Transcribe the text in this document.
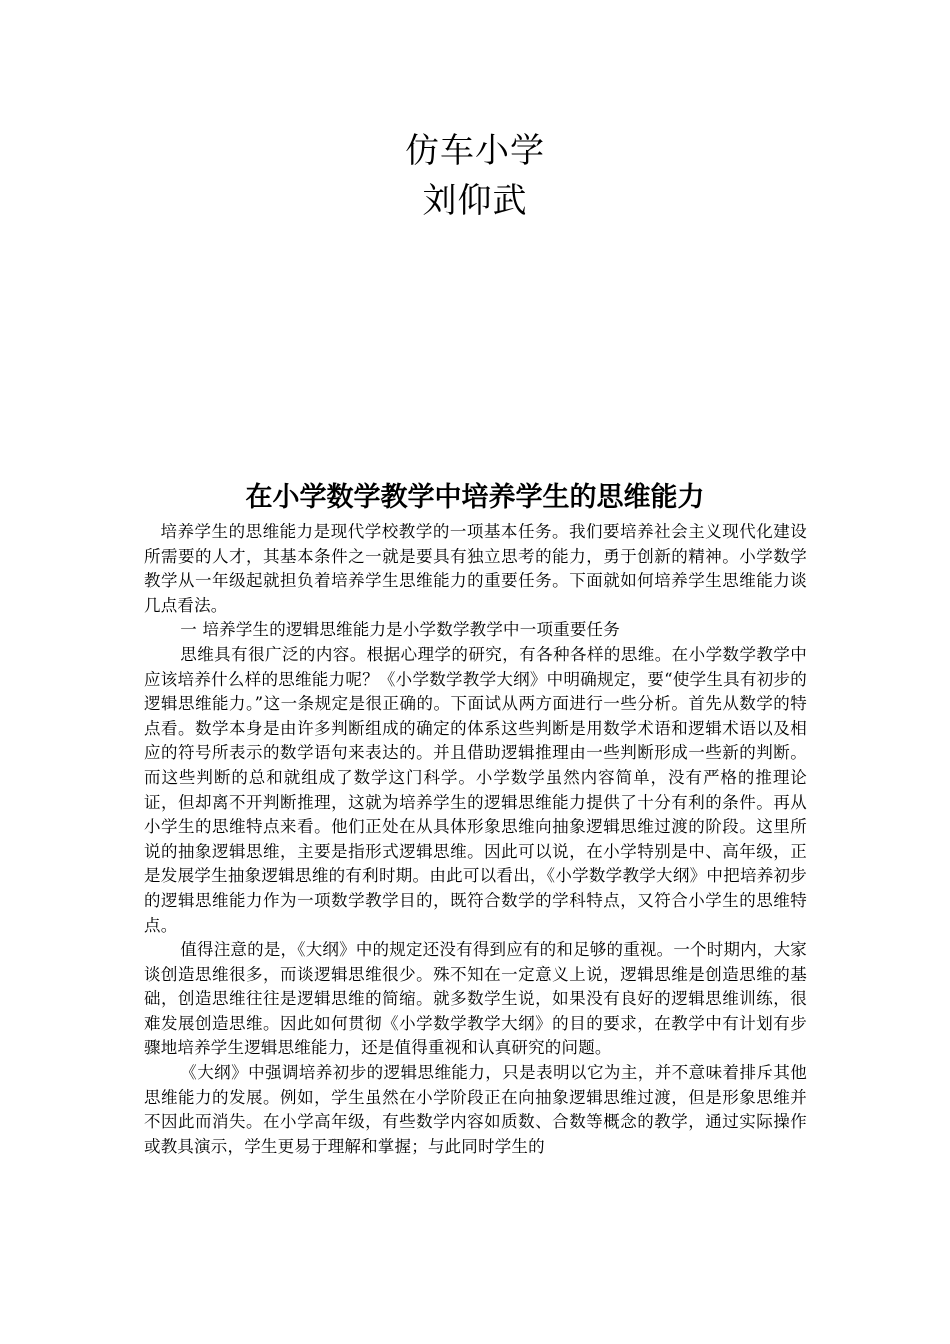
仿车小学
刘仰武
在小学数学教学中培养学生的思维能力

培养学生的思维能力是现代学校教学的一项基本任务。我们要培养社会主义现代化建设所需要的人才，其基本条件之一就是要具有独立思考的能力，勇于创新的精神。小学数学教学从一年级起就担负着培养学生思维能力的重要任务。下面就如何培养学生思维能力谈几点看法。

一 培养学生的逻辑思维能力是小学数学教学中一项重要任务

思维具有很广泛的内容。根据心理学的研究，有各种各样的思维。在小学数学教学中应该培养什么样的思维能力呢？《小学数学教学大纲》中明确规定，要“使学生具有初步的逻辑思维能力。”这一条规定是很正确的。下面试从两方面进行一些分析。首先从数学的特点看。数学本身是由许多判断组成的确定的体系这些判断是用数学术语和逻辑术语以及相应的符号所表示的数学语句来表达的。并且借助逻辑推理由一些判断形成一些新的判断。而这些判断的总和就组成了数学这门科学。小学数学虽然内容简单，没有严格的推理论证，但却离不开判断推理，这就为培养学生的逻辑思维能力提供了十分有利的条件。再从小学生的思维特点来看。他们正处在从具体形象思维向抽象逻辑思维过渡的阶段。这里所说的抽象逻辑思维，主要是指形式逻辑思维。因此可以说，在小学特别是中、高年级，正是发展学生抽象逻辑思维的有利时期。由此可以看出，《小学数学教学大纲》中把培养初步的逻辑思维能力作为一项数学教学目的，既符合数学的学科特点，又符合小学生的思维特点。

值得注意的是，《大纲》中的规定还没有得到应有的和足够的重视。一个时期内，大家谈创造思维很多，而谈逻辑思维很少。殊不知在一定意义上说，逻辑思维是创造思维的基础，创造思维往往是逻辑思维的简缩。就多数学生说，如果没有良好的逻辑思维训练，很难发展创造思维。因此如何贯彻《小学数学教学大纲》的目的要求，在教学中有计划有步骤地培养学生逻辑思维能力，还是值得重视和认真研究的问题。

《大纲》中强调培养初步的逻辑思维能力，只是表明以它为主，并不意味着排斥其他思维能力的发展。例如，学生虽然在小学阶段正在向抽象逻辑思维过渡，但是形象思维并不因此而消失。在小学高年级，有些数学内容如质数、合数等概念的教学，通过实际操作或教具演示，学生更易于理解和掌握；与此同时学生的
